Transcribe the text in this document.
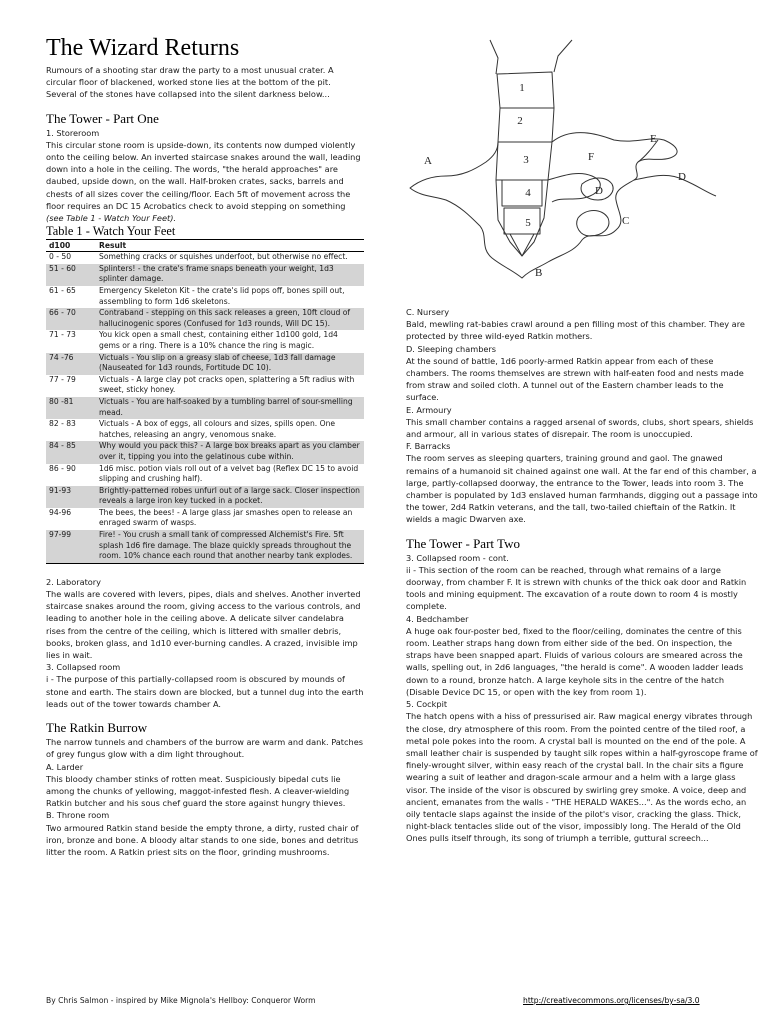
The Wizard Returns

Rumours of a shooting star draw the party to a most unusual crater. A circular floor of blackened, worked stone lies at the bottom of the pit. Several of the stones have collapsed into the silent darkness below...

The Tower - Part One
1. Storeroom

This circular stone room is upside-down, its contents now dumped violently onto the ceiling below. An inverted staircase snakes around the wall, leading down into a hole in the ceiling. The words, "the herald approaches" are daubed, upside down, on the wall. Half-broken crates, sacks, barrels and chests of all sizes cover the ceiling/floor. Each 5ft of movement across the floor requires an DC 15 Acrobatics check to avoid stepping on something (see Table 1 - Watch Your Feet).

Table 1 - Watch Your Feet
d100	Result
0 - 50	Something cracks or squishes underfoot, but otherwise no effect.
51 - 60	Splinters! - the crate's frame snaps beneath your weight, 1d3 splinter damage.
61 - 65	Emergency Skeleton Kit - the crate's lid pops off, bones spill out, assembling to form 1d6 skeletons.
66 - 70	Contraband - stepping on this sack releases a green, 10ft cloud of hallucinogenic spores (Confused for 1d3 rounds, Will DC 15).
71 - 73	You kick open a small chest, containing either 1d100 gold, 1d4 gems or a ring. There is a 10% chance the ring is magic.
74 -76	Victuals - You slip on a greasy slab of cheese, 1d3 fall damage (Nauseated for 1d3 rounds, Fortitude DC 10).
77 - 79	Victuals - A large clay pot cracks open, splattering a 5ft radius with sweet, sticky honey.
80 -81	Victuals - You are half-soaked by a tumbling barrel of sour-smelling mead.
82 - 83	Victuals - A box of eggs, all colours and sizes, spills open. One hatches, releasing an angry, venomous snake.
84 - 85	Why would you pack this? - A large box breaks apart as you clamber over it, tipping you into the gelatinous cube within.
86 - 90	1d6 misc. potion vials roll out of a velvet bag (Reflex DC 15 to avoid slipping and crushing half).
91-93	Brightly-patterned robes unfurl out of a large sack. Closer inspection reveals a large iron key tucked in a pocket.
94-96	The bees, the bees! - A large glass jar smashes open to release an enraged swarm of wasps.
97-99	Fire! - You crush a small tank of compressed Alchemist's Fire. 5ft splash 1d6 fire damage. The blaze quickly spreads throughout the room. 10% chance each round that another nearby tank explodes.
2. Laboratory

The walls are covered with levers, pipes, dials and shelves. Another inverted staircase snakes around the room, giving access to the various controls, and leading to another hole in the ceiling above. A delicate silver candelabra rises from the centre of the ceiling, which is littered with smaller debris, books, broken glass, and 1d10 ever-burning candles. A crazed, invisible imp lies in wait.

3. Collapsed room

i - The purpose of this partially-collapsed room is obscured by mounds of stone and earth. The stairs down are blocked, but a tunnel dug into the earth leads out of the tower towards chamber A.

The Ratkin Burrow

The narrow tunnels and chambers of the burrow are warm and dank. Patches of grey fungus glow with a dim light throughout.

A. Larder

This bloody chamber stinks of rotten meat. Suspiciously bipedal cuts lie among the chunks of yellowing, maggot-infested flesh. A cleaver-wielding Ratkin butcher and his sous chef guard the store against hungry thieves.

B. Throne room

Two armoured Ratkin stand beside the empty throne, a dirty, rusted chair of iron, bronze and bone. A bloody altar stands to one side, bones and detritus litter the room. A Ratkin priest sits on the floor, grinding mushrooms.

1
2
3
4
5
A
B
C
D
D
E
F
C. Nursery

Bald, mewling rat-babies crawl around a pen filling most of this chamber. They are protected by three wild-eyed Ratkin mothers.

D. Sleeping chambers

At the sound of battle, 1d6 poorly-armed Ratkin appear from each of these chambers. The rooms themselves are strewn with half-eaten food and nests made from straw and soiled cloth. A tunnel out of the Eastern chamber leads to the surface.

E. Armoury

This small chamber contains a ragged arsenal of swords, clubs, short spears, shields and armour, all in various states of disrepair. The room is unoccupied.

F. Barracks

The room serves as sleeping quarters, training ground and gaol. The gnawed remains of a humanoid sit chained against one wall. At the far end of this chamber, a large, partly-collapsed doorway, the entrance to the Tower, leads into room 3. The chamber is populated by 1d3 enslaved human farmhands, digging out a passage into the tower, 2d4 Ratkin veterans, and the tall, two-tailed chieftain of the Ratkin. It wields a magic Dwarven axe.

The Tower - Part Two
3. Collapsed room - cont.

ii - This section of the room can be reached, through what remains of a large doorway, from chamber F. It is strewn with chunks of the thick oak door and Ratkin tools and mining equipment. The excavation of a route down to room 4 is mostly complete.

4. Bedchamber

A huge oak four-poster bed, fixed to the floor/ceiling, dominates the centre of this room. Leather straps hang down from either side of the bed. On inspection, the straps have been snapped apart. Fluids of various colours are smeared across the walls, spelling out, in 2d6 languages, "the herald is come". A wooden ladder leads down to a round, bronze hatch. A large keyhole sits in the centre of the hatch (Disable Device DC 15, or open with the key from room 1).

5. Cockpit

The hatch opens with a hiss of pressurised air. Raw magical energy vibrates through the close, dry atmosphere of this room. From the pointed centre of the tiled roof, a metal pole pokes into the room. A crystal ball is mounted on the end of the pole. A small leather chair is suspended by taught silk ropes within a half-gyroscope frame of finely-wrought silver, within easy reach of the crystal ball. In the chair sits a figure wearing a suit of leather and dragon-scale armour and a helm with a large glass visor. The inside of the visor is obscured by swirling grey smoke. A voice, deep and ancient, emanates from the walls - "THE HERALD WAKES...". As the words echo, an oily tentacle slaps against the inside of the pilot's visor, cracking the glass. Thick, night-black tentacles slide out of the visor, impossibly long. The Herald of the Old Ones pulls itself through, its song of triumph a terrible, guttural screech...

By Chris Salmon - inspired by Mike Mignola's Hellboy: Conqueror Worm	http://creativecommons.org/licenses/by-sa/3.0
